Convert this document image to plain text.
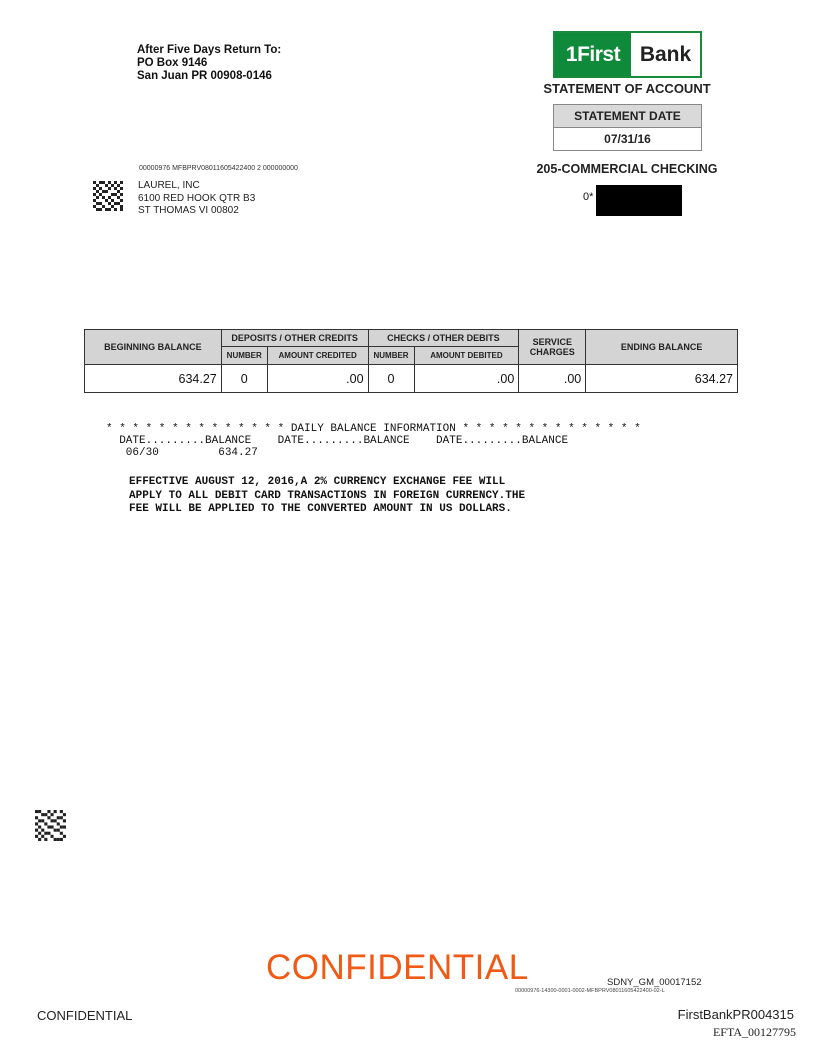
After Five Days Return To:
PO Box 9146
San Juan PR 00908-0146
1First Bank
STATEMENT OF ACCOUNT
STATEMENT DATE
07/31/16
205-COMMERCIAL CHECKING
0*
00000976 MFBPRV08011605422400 2 000000000
LAUREL, INC
6100 RED HOOK QTR B3
ST THOMAS VI 00802
BEGINNING BALANCE	DEPOSITS / OTHER CREDITS		CHECKS / OTHER DEBITS		SERVICE CHARGES	ENDING BALANCE
	NUMBER	AMOUNT CREDITED	NUMBER	AMOUNT DEBITED		
634.27	0	.00	0	.00	.00	634.27
* * * * * * * * * * * * * * DAILY BALANCE INFORMATION * * * * * * * * * * * * * *
DATE.........BALANCE    DATE.........BALANCE    DATE.........BALANCE
06/30         634.27
EFFECTIVE AUGUST 12, 2016,A 2% CURRENCY EXCHANGE FEE WILL
APPLY TO ALL DEBIT CARD TRANSACTIONS IN FOREIGN CURRENCY.THE
FEE WILL BE APPLIED TO THE CONVERTED AMOUNT IN US DOLLARS.
CONFIDENTIAL	SDNY_GM_00017152
00000976-14300-0001-0002-MFBPRV08011605422400-02-L
CONFIDENTIAL	FirstBankPR004315
EFTA_00127795
